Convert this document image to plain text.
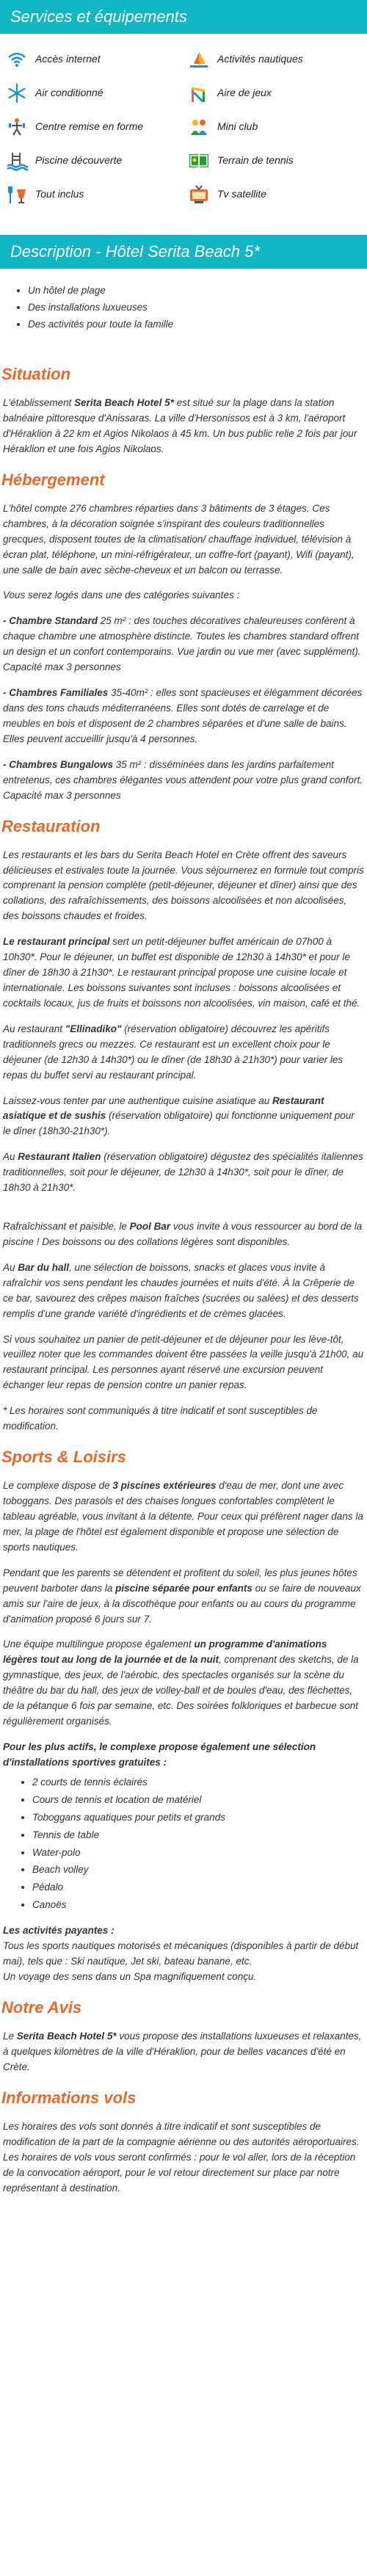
Services et équipements
Accès internet	Activités nautiques
Air conditionné	Aire de jeux
Centre remise en forme	Mini club
Piscine découverte	Terrain de tennis
Tout inclus	Tv satellite
Description - Hôtel Serita Beach 5*
• Un hôtel de plage
• Des installations luxueuses
• Des activités pour toute la famille
Situation

L'établissement Serita Beach Hotel 5* est situé sur la plage dans la station balnéaire pittoresque d'Anissaras. La ville d'Hersonissos est à 3 km, l'aéroport d'Héraklion à 22 km et Agios Nikolaos à 45 km. Un bus public relie 2 fois par jour Héraklion et une fois Agios Nikolaos.

Hébergement

L'hôtel compte 276 chambres réparties dans 3 bâtiments de 3 étages. Ces chambres, à la décoration soignée s'inspirant des couleurs traditionnelles grecques, disposent toutes de la climatisation/ chauffage individuel, télévision à écran plat, téléphone, un mini-réfrigérateur, un coffre-fort (payant), Wifi (payant), une salle de bain avec sèche-cheveux et un balcon ou terrasse.

Vous serez logés dans une des catégories suivantes :

- Chambre Standard 25 m² : des touches décoratives chaleureuses confèrent à chaque chambre une atmosphère distincte. Toutes les chambres standard offrent un design et un confort contemporains. Vue jardin ou vue mer (avec supplément). Capacité max 3 personnes

- Chambres Familiales 35-40m² : elles sont spacieuses et élégamment décorées dans des tons chauds méditerranéens. Elles sont dotés de carrelage et de meubles en bois et disposent de 2 chambres séparées et d'une salle de bains. Elles peuvent accueillir jusqu'à 4 personnes.

- Chambres Bungalows 35 m² : disséminées dans les jardins parfaitement entretenus, ces chambres élégantes vous attendent pour votre plus grand confort. Capacité max 3 personnes

Restauration

Les restaurants et les bars du Serita Beach Hotel en Crète offrent des saveurs délicieuses et estivales toute la journée. Vous séjournerez en formule tout compris comprenant la pension complète (petit-déjeuner, déjeuner et dîner) ainsi que des collations, des rafraîchissements, des boissons alcoolisées et non alcoolisées, des boissons chaudes et froides.

Le restaurant principal sert un petit-déjeuner buffet américain de 07h00 à 10h30*. Pour le déjeuner, un buffet est disponible de 12h30 à 14h30* et pour le dîner de 18h30 à 21h30*. Le restaurant principal propose une cuisine locale et internationale. Les boissons suivantes sont incluses : boissons alcoolisées et cocktails locaux, jus de fruits et boissons non alcoolisées, vin maison, café et thé.

Au restaurant "Ellinadiko" (réservation obligatoire) découvrez les apéritifs traditionnels grecs ou mezzes. Ce restaurant est un excellent choix pour le déjeuner (de 12h30 à 14h30*) ou le dîner (de 18h30 à 21h30*) pour varier les repas du buffet servi au restaurant principal.

Laissez-vous tenter par une authentique cuisine asiatique au Restaurant asiatique et de sushis (réservation obligatoire) qui fonctionne uniquement pour le dîner (18h30-21h30*).

Au Restaurant Italien (réservation obligatoire) dégustez des spécialités italiennes traditionnelles, soit pour le déjeuner, de 12h30 à 14h30*, soit pour le dîner, de 18h30 à 21h30*.

Rafraîchissant et paisible, le Pool Bar vous invite à vous ressourcer au bord de la piscine ! Des boissons ou des collations légères sont disponibles.

Au Bar du hall, une sélection de boissons, snacks et glaces vous invite à rafraîchir vos sens pendant les chaudes journées et nuits d'été. À la Crêperie de ce bar, savourez des crêpes maison fraîches (sucrées ou salées) et des desserts remplis d'une grande variété d'ingrédients et de crèmes glacées.

Si vous souhaitez un panier de petit-déjeuner et de déjeuner pour les lève-tôt, veuillez noter que les commandes doivent être passées la veille jusqu'à 21h00, au restaurant principal. Les personnes ayant réservé une excursion peuvent échanger leur repas de pension contre un panier repas.

* Les horaires sont communiqués à titre indicatif et sont susceptibles de modification.

Sports & Loisirs

Le complexe dispose de 3 piscines extérieures d'eau de mer, dont une avec toboggans. Des parasols et des chaises longues confortables complètent le tableau agréable, vous invitant à la détente. Pour ceux qui préfèrent nager dans la mer, la plage de l'hôtel est également disponible et propose une sélection de sports nautiques.

Pendant que les parents se détendent et profitent du soleil, les plus jeunes hôtes peuvent barboter dans la piscine séparée pour enfants ou se faire de nouveaux amis sur l'aire de jeux, à la discothèque pour enfants ou au cours du programme d'animation proposé 6 jours sur 7.

Une équipe multilingue propose également un programme d'animations légères tout au long de la journée et de la nuit, comprenant des sketchs, de la gymnastique, des jeux, de l'aérobic, des spectacles organisés sur la scène du théâtre du bar du hall, des jeux de volley-ball et de boules d'eau, des fléchettes, de la pétanque 6 fois par semaine, etc. Des soirées folkloriques et barbecue sont régulièrement organisés.

Pour les plus actifs, le complexe propose également une sélection d'installations sportives gratuites :

• 2 courts de tennis éclairés
• Cours de tennis et location de matériel
• Toboggans aquatiques pour petits et grands
• Tennis de table
• Water-polo
• Beach volley
• Pédalo
• Canoës

Les activités payantes :
Tous les sports nautiques motorisés et mécaniques (disponibles à partir de début mai), tels que : Ski nautique, Jet ski, bateau banane, etc.
Un voyage des sens dans un Spa magnifiquement conçu.

Notre Avis

Le Serita Beach Hotel 5* vous propose des installations luxueuses et relaxantes, à quelques kilomètres de la ville d'Héraklion, pour de belles vacances d'été en Crète.

Informations vols

Les horaires des vols sont donnés à titre indicatif et sont susceptibles de modification de la part de la compagnie aérienne ou des autorités aéroportuaires.
Les horaires de vols vous seront confirmés : pour le vol aller, lors de la réception de la convocation aéroport, pour le vol retour directement sur place par notre représentant à destination.
